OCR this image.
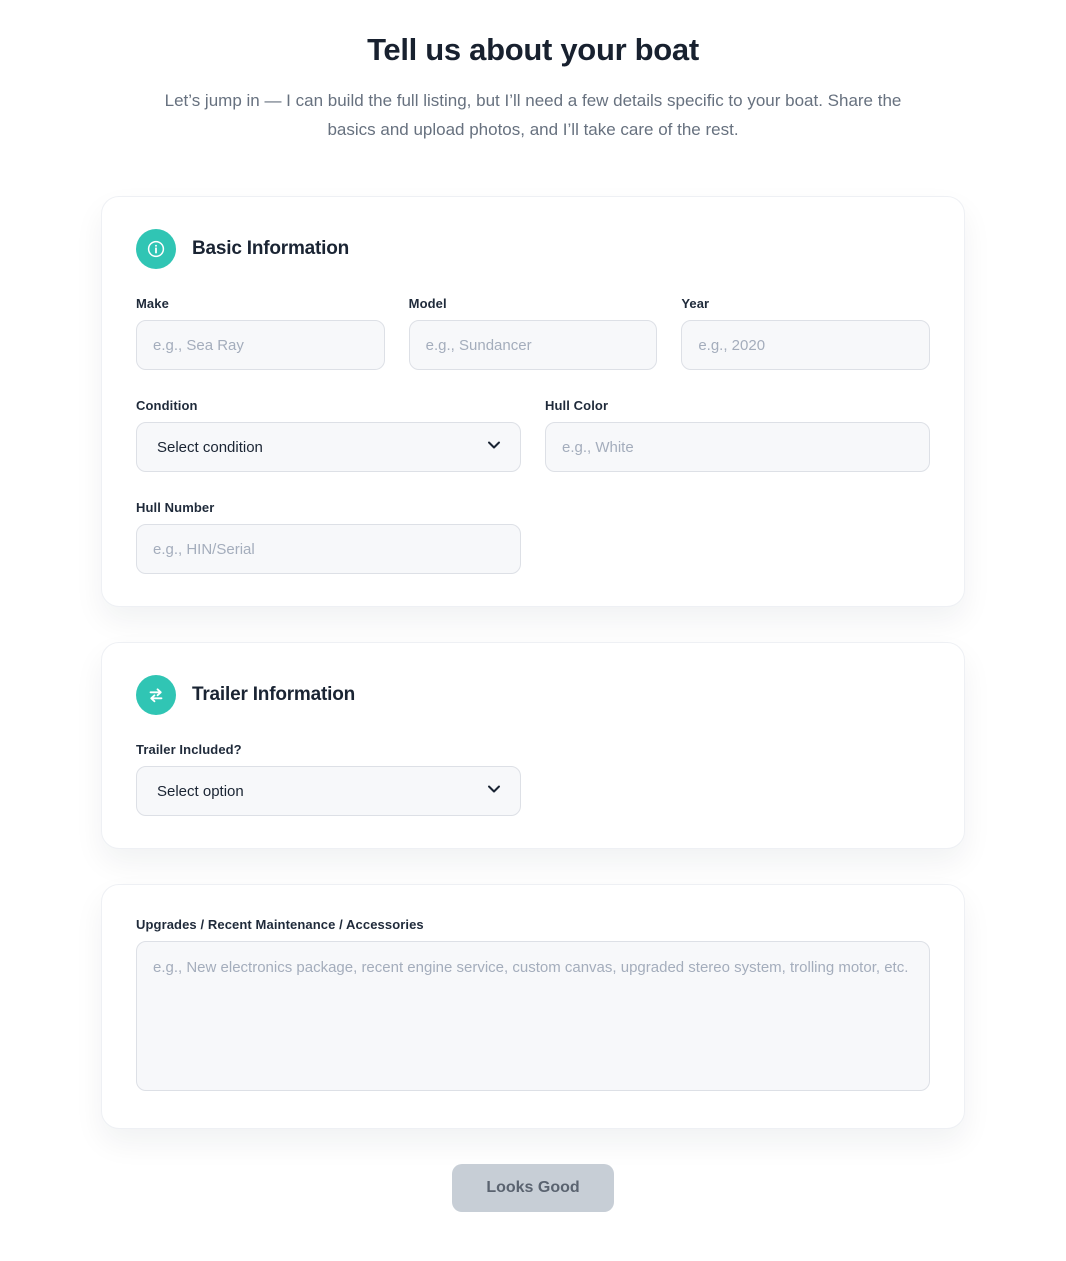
Tell us about your boat

Let’s jump in — I can build the full listing, but I’ll need a few details specific to your boat. Share the basics and upload photos, and I’ll take care of the rest.

Basic Information
Make
e.g., Sea Ray	Model
e.g., Sundancer	Year
e.g., 2020
Condition
Select condition
Hull Color
e.g., White
Hull Number
e.g., HIN/Serial
Trailer Information
Trailer Included?
Select option
Upgrades / Recent Maintenance / Accessories
e.g., New electronics package, recent engine service, custom canvas, upgraded stereo system, trolling motor, etc.
Looks Good
